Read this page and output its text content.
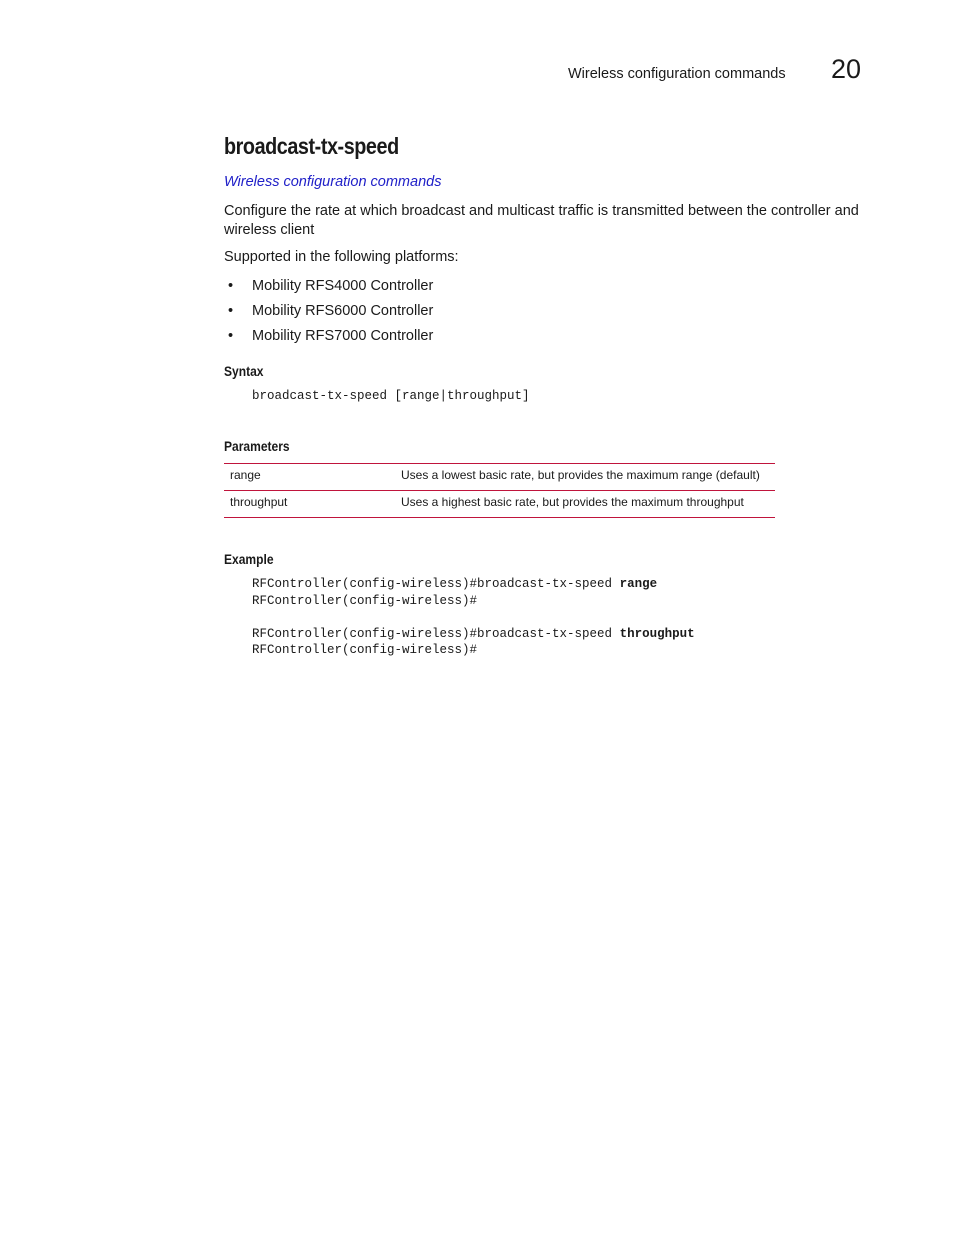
Wireless configuration commands 20
broadcast-tx-speed
Wireless configuration commands

Configure the rate at which broadcast and multicast traffic is transmitted between the controller and wireless client

Supported in the following platforms:
• Mobility RFS4000 Controller
• Mobility RFS6000 Controller
• Mobility RFS7000 Controller
Syntax
broadcast-tx-speed [range|throughput]
Parameters
range	Uses a lowest basic rate, but provides the maximum range (default)
throughput	Uses a highest basic rate, but provides the maximum throughput
Example
RFController(config-wireless)#broadcast-tx-speed range
RFController(config-wireless)#

RFController(config-wireless)#broadcast-tx-speed throughput
RFController(config-wireless)#
